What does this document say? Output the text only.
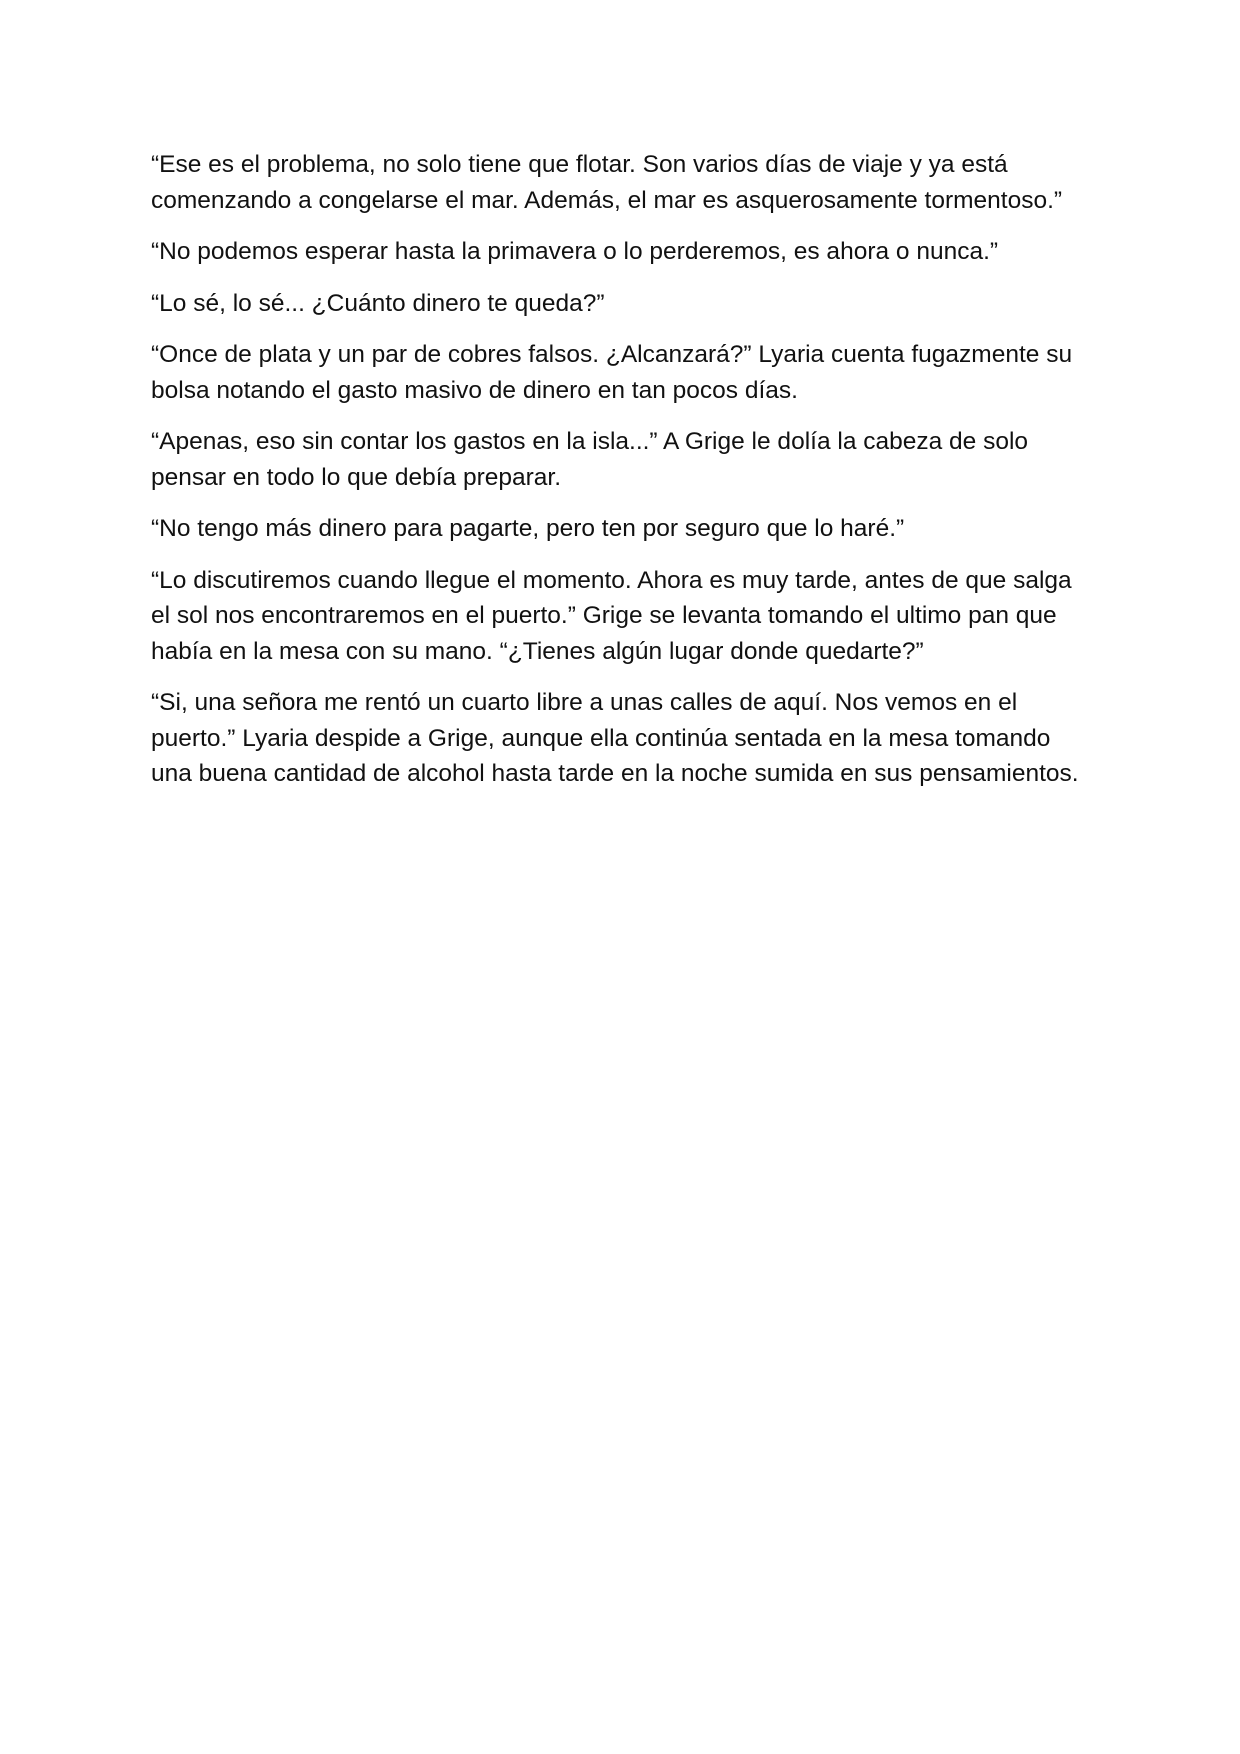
“Ese es el problema, no solo tiene que flotar. Son varios días de viaje y ya está comenzando a congelarse el mar. Además, el mar es asquerosamente tormentoso.”

“No podemos esperar hasta la primavera o lo perderemos, es ahora o nunca.”

“Lo sé, lo sé... ¿Cuánto dinero te queda?”

“Once de plata y un par de cobres falsos. ¿Alcanzará?” Lyaria cuenta fugazmente su bolsa notando el gasto masivo de dinero en tan pocos días.

“Apenas, eso sin contar los gastos en la isla...” A Grige le dolía la cabeza de solo pensar en todo lo que debía preparar.

“No tengo más dinero para pagarte, pero ten por seguro que lo haré.”

“Lo discutiremos cuando llegue el momento. Ahora es muy tarde, antes de que salga el sol nos encontraremos en el puerto.” Grige se levanta tomando el ultimo pan que había en la mesa con su mano. “¿Tienes algún lugar donde quedarte?”

“Si, una señora me rentó un cuarto libre a unas calles de aquí. Nos vemos en el puerto.” Lyaria despide a Grige, aunque ella continúa sentada en la mesa tomando una buena cantidad de alcohol hasta tarde en la noche sumida en sus pensamientos.
